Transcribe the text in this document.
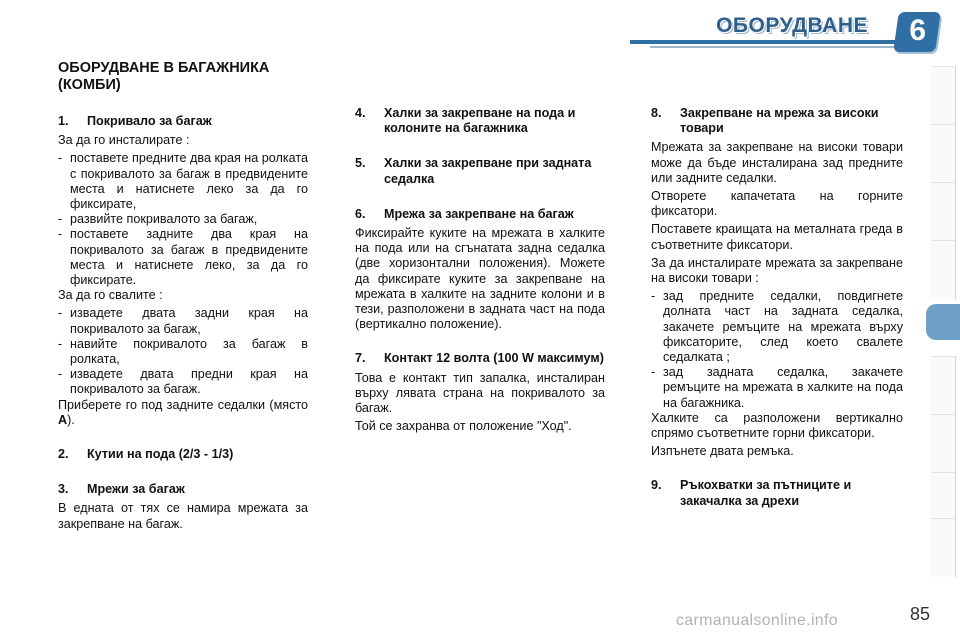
ОБОРУДВАНЕ 6
ОБОРУДВАНЕ В БАГАЖНИКА (КОМБИ)
1.	Покривало за багаж
За да го инсталирате :
- поставете предните два края на ролката с покривалото за багаж в предвидените места и натиснете леко за да го фиксирате,
- развийте покривалото за багаж,
- поставете задните два края на покривалото за багаж в предвидените места и натиснете леко, за да го фиксирате.
За да го свалите :
- извадете двата задни края на покривалото за багаж,
- навийте покривалото за багаж в ролката,
- извадете двата предни края на покривалото за багаж.
Приберете го под задните седалки (място A).
2.	Кутии на пода (2/3 - 1/3)
3.	Мрежи за багаж
В едната от тях се намира мрежата за закрепване на багаж.
4.	Халки за закрепване на пода и колоните на багажника
5.	Халки за закрепване при задната седалка
6.	Мрежа за закрепване на багаж
Фиксирайте куките на мрежата в халките на пода или на сгънатата задна седалка (две хоризонтални положения). Можете да фиксирате куките за закрепване на мрежата в халките на задните колони и в тези, разположени в задната част на пода (вертикално положение).
7.	Контакт 12 волта (100 W максимум)
Това е контакт тип запалка, инсталиран върху лявата страна на покривалото за багаж.
Той се захранва от положение "Ход".
8.	Закрепване на мрежа за високи товари
Мрежата за закрепване на високи товари може да бъде инсталирана зад предните или задните седалки.
Отворете капачетата на горните фиксатори.
Поставете краищата на металната греда в съответните фиксатори.
За да инсталирате мрежата за закрепване на високи товари :
- зад предните седалки, повдигнете долната част на задната седалка, закачете ремъците на мрежата върху фиксаторите, след което свалете седалката ;
- зад задната седалка, закачете ремъците на мрежата в халките на пода на багажника.
Халките са разположени вертикално спрямо съответните горни фиксатори.
Изпънете двата ремъка.
9.	Ръкохватки за пътниците и закачалка за дрехи
85
carmanualsonline.info
